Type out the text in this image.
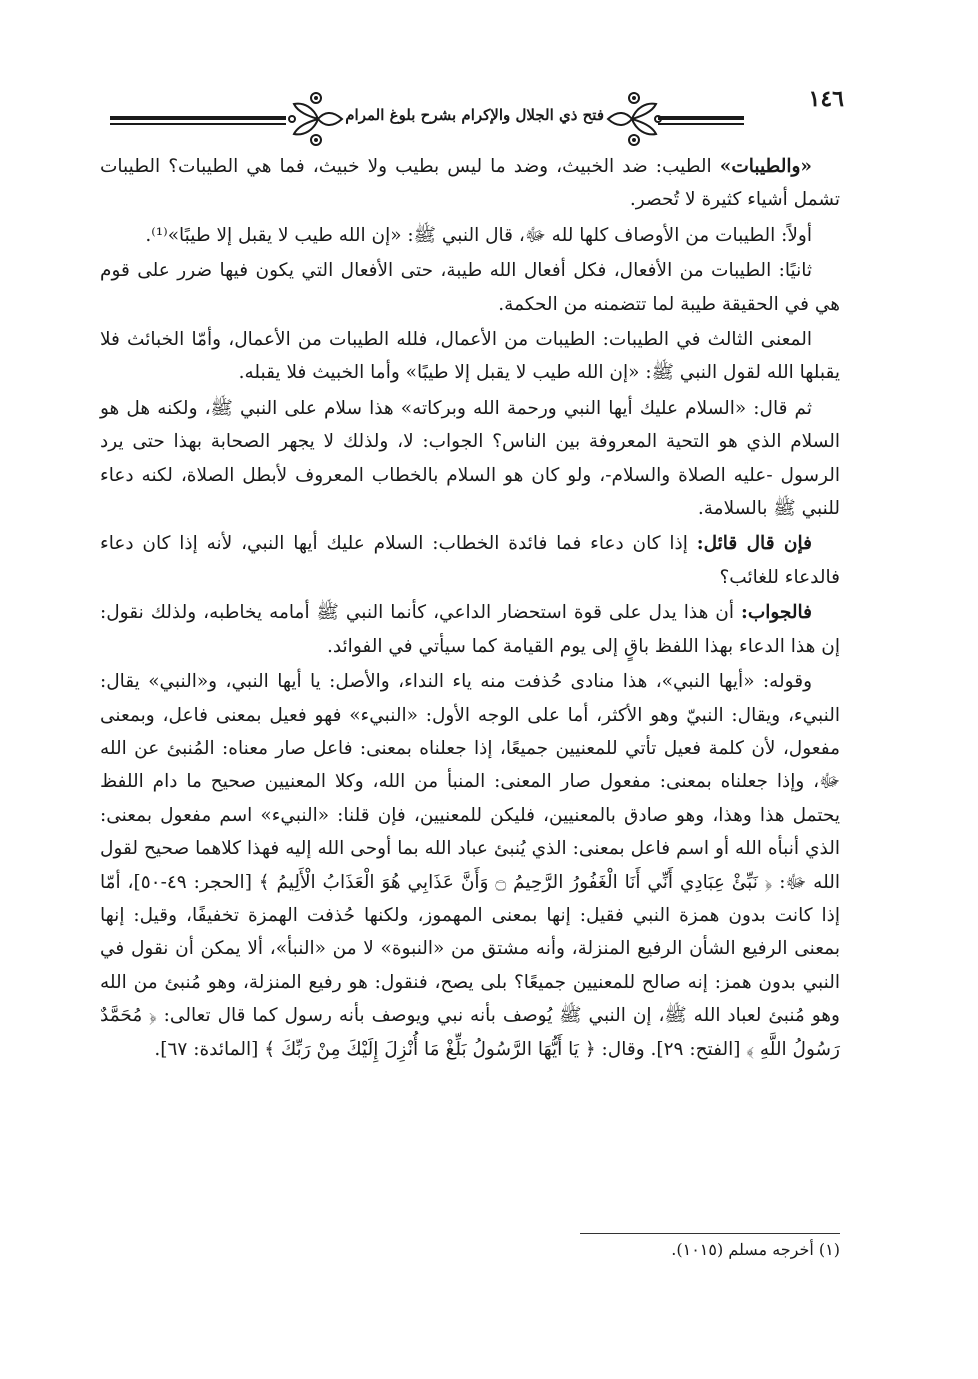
فتح ذي الجلال والإكرام بشرح بلوغ المرام
١٤٦

«والطيبات» الطيب: ضد الخبيث، وضد ما ليس بطيب ولا خبيث، فما هي الطيبات؟ الطيبات تشمل أشياء كثيرة لا تُحصر.

أولاً: الطيبات من الأوصاف كلها لله ﷻ، قال النبي ﷺ: «إن الله طيب لا يقبل إلا طيبًا»⁽¹⁾.

ثانيًا: الطيبات من الأفعال، فكل أفعال الله طيبة، حتى الأفعال التي يكون فيها ضرر على قوم هي في الحقيقة طيبة لما تتضمنه من الحكمة.

المعنى الثالث في الطيبات: الطيبات من الأعمال، فلله الطيبات من الأعمال، وأمّا الخبائث فلا يقبلها الله لقول النبي ﷺ: «إن الله طيب لا يقبل إلا طيبًا» وأما الخبيث فلا يقبله.

ثم قال: «السلام عليك أيها النبي ورحمة الله وبركاته» هذا سلام على النبي ﷺ، ولكنه هل هو السلام الذي هو التحية المعروفة بين الناس؟ الجواب: لا، ولذلك لا يجهر الصحابة بهذا حتى يرد الرسول -عليه الصلاة والسلام-، ولو كان هو السلام بالخطاب المعروف لأبطل الصلاة، لكنه دعاء للنبي ﷺ بالسلامة.

فإن قال قائل: إذا كان دعاء فما فائدة الخطاب: السلام عليك أيها النبي، لأنه إذا كان دعاء فالدعاء للغائب؟

فالجواب: أن هذا يدل على قوة استحضار الداعي، كأنما النبي ﷺ أمامه يخاطبه، ولذلك نقول: إن هذا الدعاء بهذا اللفظ باقٍ إلى يوم القيامة كما سيأتي في الفوائد.

وقوله: «أيها النبي»، هذا منادى حُذفت منه ياء النداء، والأصل: يا أيها النبي، و«النبي» يقال: النبيء، ويقال: النبيّ وهو الأكثر، أما على الوجه الأول: «النبيء» فهو فعيل بمعنى فاعل، وبمعنى مفعول، لأن كلمة فعيل تأتي للمعنيين جميعًا، إذا جعلناه بمعنى: فاعل صار معناه: المُنبئ عن الله ﷻ، وإذا جعلناه بمعنى: مفعول صار المعنى: المنبأ من الله، وكلا المعنيين صحيح ما دام اللفظ يحتمل هذا وهذا، وهو صادق بالمعنيين، فليكن للمعنيين، فإن قلنا: «النبيء» اسم مفعول بمعنى: الذي أنبأه الله أو اسم فاعل بمعنى: الذي يُنبئ عباد الله بما أوحى الله إليه فهذا كلاهما صحيح لقول الله ﷻ: ﴿ نَبِّئْ عِبَادِي أَنِّي أَنَا الْغَفُورُ الرَّحِيمُ ۝ وَأَنَّ عَذَابِي هُوَ الْعَذَابُ الْأَلِيمُ ﴾ [الحجر: ٤٩-٥٠]، أمّا إذا كانت بدون همزة النبي فقيل: إنها بمعنى المهموز، ولكنها حُذفت الهمزة تخفيفًا، وقيل: إنها بمعنى الرفيع الشأن الرفيع المنزلة، وأنه مشتق من «النبوة» لا من «النبأ»، ألا يمكن أن نقول في النبي بدون همز: إنه صالح للمعنيين جميعًا؟ بلى يصح، فنقول: هو رفيع المنزلة، وهو مُنبئ من الله وهو مُنبئ لعباد الله ﷺ، إن النبي ﷺ يُوصف بأنه نبي ويوصف بأنه رسول كما قال تعالى: ﴿ مُحَمَّدٌ رَسُولُ اللَّهِ ﴾ [الفتح: ٢٩]. وقال: ﴿ يَا أَيُّهَا الرَّسُولُ بَلِّغْ مَا أُنْزِلَ إِلَيْكَ مِنْ رَبِّكَ ﴾ [المائدة: ٦٧].

(١) أخرجه مسلم (١٠١٥).
